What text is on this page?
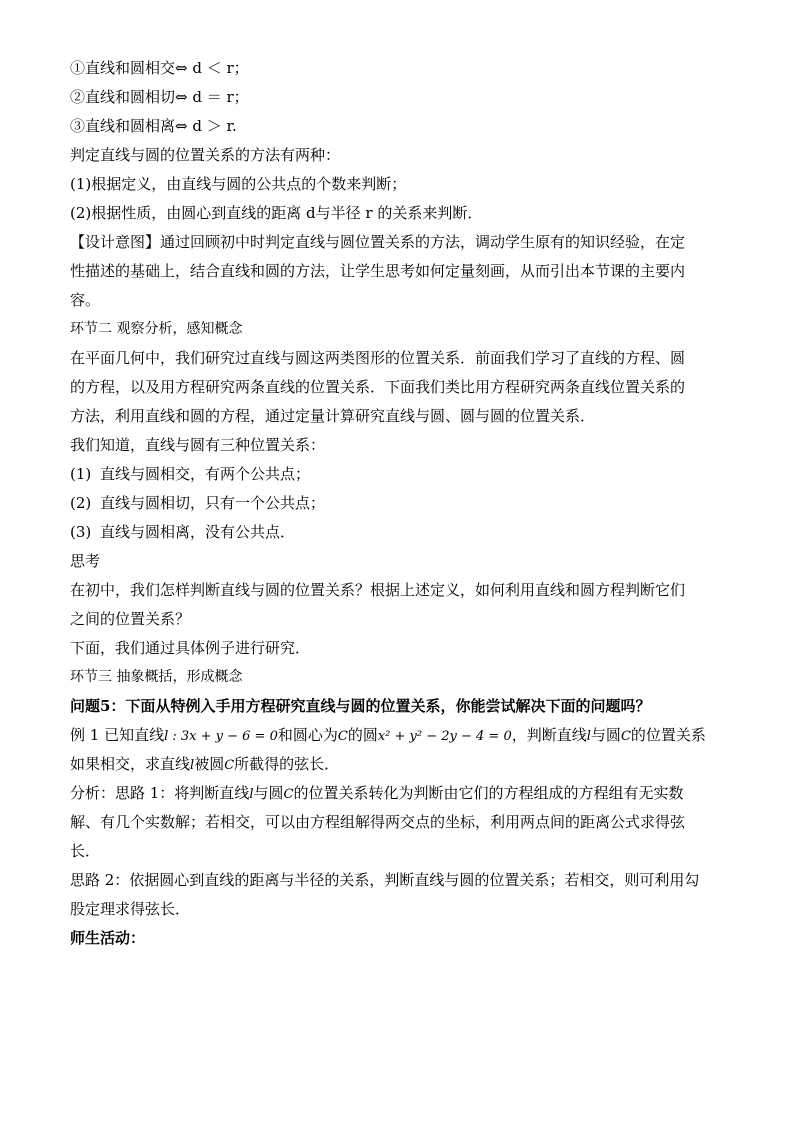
①直线和圆相交⇔ d ＜ r；
②直线和圆相切⇔ d ＝ r；
③直线和圆相离⇔ d ＞ r.
判定直线与圆的位置关系的方法有两种：
(1)根据定义，由直线与圆的公共点的个数来判断；
(2)根据性质，由圆心到直线的距离 d与半径 r 的关系来判断．
【设计意图】通过回顾初中时判定直线与圆位置关系的方法，调动学生原有的知识经验，在定
性描述的基础上，结合直线和圆的方法，让学生思考如何定量刻画，从而引出本节课的主要内
容。
环节二 观察分析，感知概念
在平面几何中，我们研究过直线与圆这两类图形的位置关系．前面我们学习了直线的方程、圆
的方程，以及用方程研究两条直线的位置关系．下面我们类比用方程研究两条直线位置关系的
方法，利用直线和圆的方程，通过定量计算研究直线与圆、圆与圆的位置关系．
我们知道，直线与圆有三种位置关系：
(1) 直线与圆相交，有两个公共点；
(2) 直线与圆相切，只有一个公共点；
(3) 直线与圆相离，没有公共点．
思考
在初中，我们怎样判断直线与圆的位置关系？根据上述定义，如何利用直线和圆方程判断它们
之间的位置关系？
下面，我们通过具体例子进行研究．
环节三 抽象概括，形成概念
问题5：下面从特例入手用方程研究直线与圆的位置关系，你能尝试解决下面的问题吗？
例 1 已知直线l : 3x + y − 6 = 0和圆心为C的圆x² + y² − 2y − 4 = 0，判断直线l与圆C的位置关系
如果相交，求直线l被圆C所截得的弦长．
分析：思路 1：将判断直线l与圆C的位置关系转化为判断由它们的方程组成的方程组有无实数
解、有几个实数解；若相交，可以由方程组解得两交点的坐标，利用两点间的距离公式求得弦
长．
思路 2：依据圆心到直线的距离与半径的关系，判断直线与圆的位置关系；若相交，则可利用勾
股定理求得弦长．
师生活动：
